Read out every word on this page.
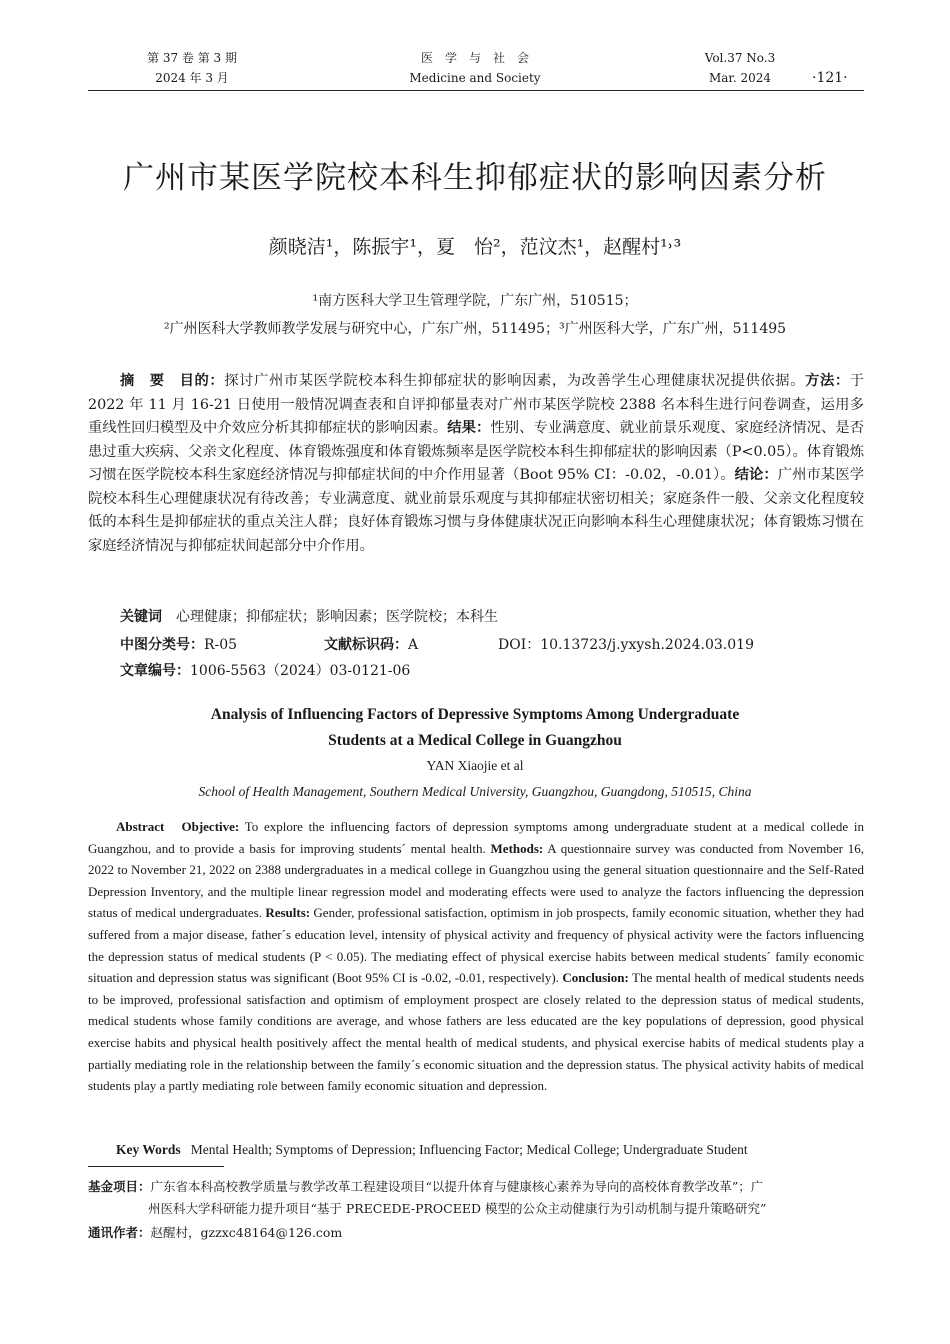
第 37 卷 第 3 期
2024 年 3 月
医　学　与　社　会
Medicine and Society
Vol.37 No.3
Mar. 2024	·121·
广州市某医学院校本科生抑郁症状的影响因素分析
颜晓洁¹，陈振宇¹，夏　怡²，范汶杰¹，赵醒村¹˒³
¹南方医科大学卫生管理学院，广东广州，510515；
²广州医科大学教师教学发展与研究中心，广东广州，511495；³广州医科大学，广东广州，511495
摘　要　 目的：探讨广州市某医学院校本科生抑郁症状的影响因素，为改善学生心理健康状况提供依据。方法：于 2022 年 11 月 16-21 日使用一般情况调查表和自评抑郁量表对广州市某医学院校 2388 名本科生进行问卷调查，运用多重线性回归模型及中介效应分析其抑郁症状的影响因素。结果：性别、专业满意度、就业前景乐观度、家庭经济情况、是否患过重大疾病、父亲文化程度、体育锻炼强度和体育锻炼频率是医学院校本科生抑郁症状的影响因素（P<0.05）。体育锻炼习惯在医学院校本科生家庭经济情况与抑郁症状间的中介作用显著（Boot 95% CI：-0.02，-0.01）。结论：广州市某医学院校本科生心理健康状况有待改善；专业满意度、就业前景乐观度与其抑郁症状密切相关；家庭条件一般、父亲文化程度较低的本科生是抑郁症状的重点关注人群；良好体育锻炼习惯与身体健康状况正向影响本科生心理健康状况；体育锻炼习惯在家庭经济情况与抑郁症状间起部分中介作用。
关键词　 心理健康；抑郁症状；影响因素；医学院校；本科生
中图分类号：R-05	文献标识码：A	DOI：10.13723/j.yxysh.2024.03.019
文章编号：1006-5563（2024）03-0121-06
Analysis of Influencing Factors of Depressive Symptoms Among Undergraduate
Students at a Medical College in Guangzhou
YAN Xiaojie et al
School of Health Management, Southern Medical University, Guangzhou, Guangdong, 510515, China
Abstract Objective: To explore the influencing factors of depression symptoms among undergraduate student at a medical collede in Guangzhou, and to provide a basis for improving students´ mental health. Methods: A questionnaire survey was conducted from November 16, 2022 to November 21, 2022 on 2388 undergraduates in a medical college in Guangzhou using the general situation questionnaire and the Self-Rated Depression Inventory, and the multiple linear regression model and moderating effects were used to analyze the factors influencing the depression status of medical undergraduates. Results: Gender, professional satisfaction, optimism in job prospects, family economic situation, whether they had suffered from a major disease, father´s education level, intensity of physical activity and frequency of physical activity were the factors influencing the depression status of medical students (P < 0.05). The mediating effect of physical exercise habits between medical students´ family economic situation and depression status was significant (Boot 95% CI is -0.02, -0.01, respectively). Conclusion: The mental health of medical students needs to be improved, professional satisfaction and optimism of employment prospect are closely related to the depression status of medical students, medical students whose family conditions are average, and whose fathers are less educated are the key populations of depression, good physical exercise habits and physical health positively affect the mental health of medical students, and physical exercise habits of medical students play a partially mediating role in the relationship between the family´s economic situation and the depression status. The physical activity habits of medical students play a partly mediating role between family economic situation and depression.
Key Words Mental Health; Symptoms of Depression; Influencing Factor; Medical College; Undergraduate Student
基金项目：广东省本科高校教学质量与教学改革工程建设项目“以提升体育与健康核心素养为导向的高校体育教学改革”；广
州医科大学科研能力提升项目“基于 PRECEDE-PROCEED 模型的公众主动健康行为引动机制与提升策略研究”
通讯作者：赵醒村，gzzxc48164@126.com
